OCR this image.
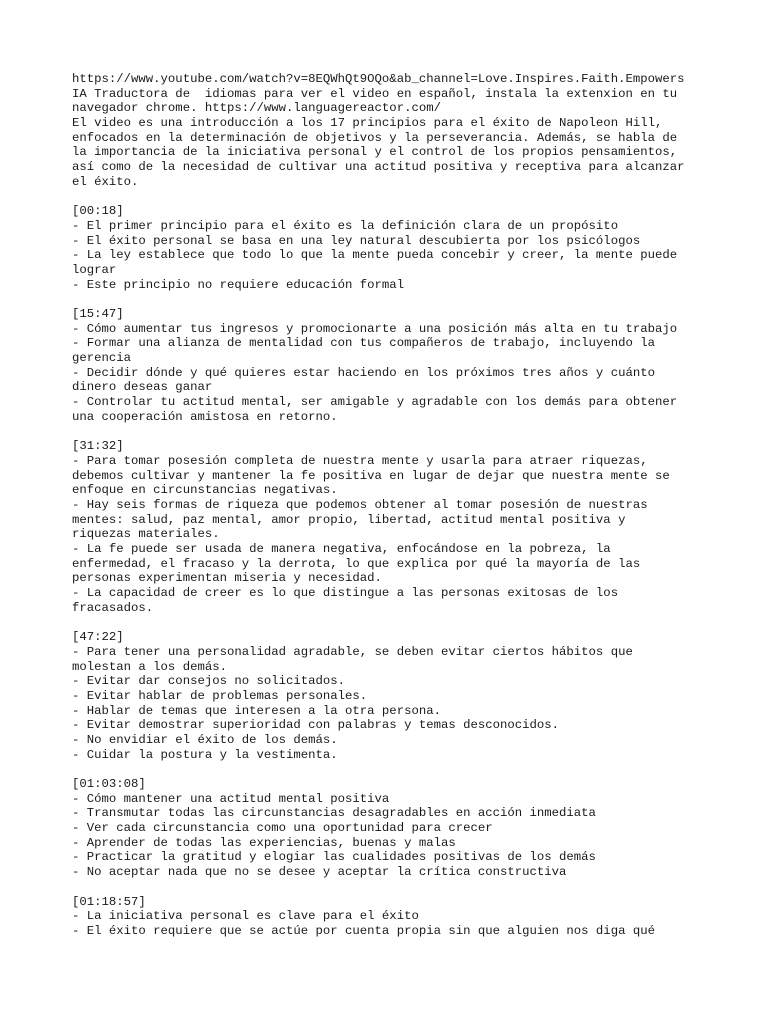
https://www.youtube.com/watch?v=8EQWhQt9OQo&ab_channel=Love.Inspires.Faith.Empowers
IA Traductora de  idiomas para ver el video en español, instala la extenxion en tu
navegador chrome. https://www.languagereactor.com/
El video es una introducción a los 17 principios para el éxito de Napoleon Hill,
enfocados en la determinación de objetivos y la perseverancia. Además, se habla de
la importancia de la iniciativa personal y el control de los propios pensamientos,
así como de la necesidad de cultivar una actitud positiva y receptiva para alcanzar
el éxito.
[00:18]
- El primer principio para el éxito es la definición clara de un propósito
- El éxito personal se basa en una ley natural descubierta por los psicólogos
- La ley establece que todo lo que la mente pueda concebir y creer, la mente puede
lograr
- Este principio no requiere educación formal
[15:47]
- Cómo aumentar tus ingresos y promocionarte a una posición más alta en tu trabajo
- Formar una alianza de mentalidad con tus compañeros de trabajo, incluyendo la
gerencia
- Decidir dónde y qué quieres estar haciendo en los próximos tres años y cuánto
dinero deseas ganar
- Controlar tu actitud mental, ser amigable y agradable con los demás para obtener
una cooperación amistosa en retorno.
[31:32]
- Para tomar posesión completa de nuestra mente y usarla para atraer riquezas,
debemos cultivar y mantener la fe positiva en lugar de dejar que nuestra mente se
enfoque en circunstancias negativas.
- Hay seis formas de riqueza que podemos obtener al tomar posesión de nuestras
mentes: salud, paz mental, amor propio, libertad, actitud mental positiva y
riquezas materiales.
- La fe puede ser usada de manera negativa, enfocándose en la pobreza, la
enfermedad, el fracaso y la derrota, lo que explica por qué la mayoría de las
personas experimentan miseria y necesidad.
- La capacidad de creer es lo que distingue a las personas exitosas de los
fracasados.
[47:22]
- Para tener una personalidad agradable, se deben evitar ciertos hábitos que
molestan a los demás.
- Evitar dar consejos no solicitados.
- Evitar hablar de problemas personales.
- Hablar de temas que interesen a la otra persona.
- Evitar demostrar superioridad con palabras y temas desconocidos.
- No envidiar el éxito de los demás.
- Cuidar la postura y la vestimenta.
[01:03:08]
- Cómo mantener una actitud mental positiva
- Transmutar todas las circunstancias desagradables en acción inmediata
- Ver cada circunstancia como una oportunidad para crecer
- Aprender de todas las experiencias, buenas y malas
- Practicar la gratitud y elogiar las cualidades positivas de los demás
- No aceptar nada que no se desee y aceptar la crítica constructiva
[01:18:57]
- La iniciativa personal es clave para el éxito
- El éxito requiere que se actúe por cuenta propia sin que alguien nos diga qué
